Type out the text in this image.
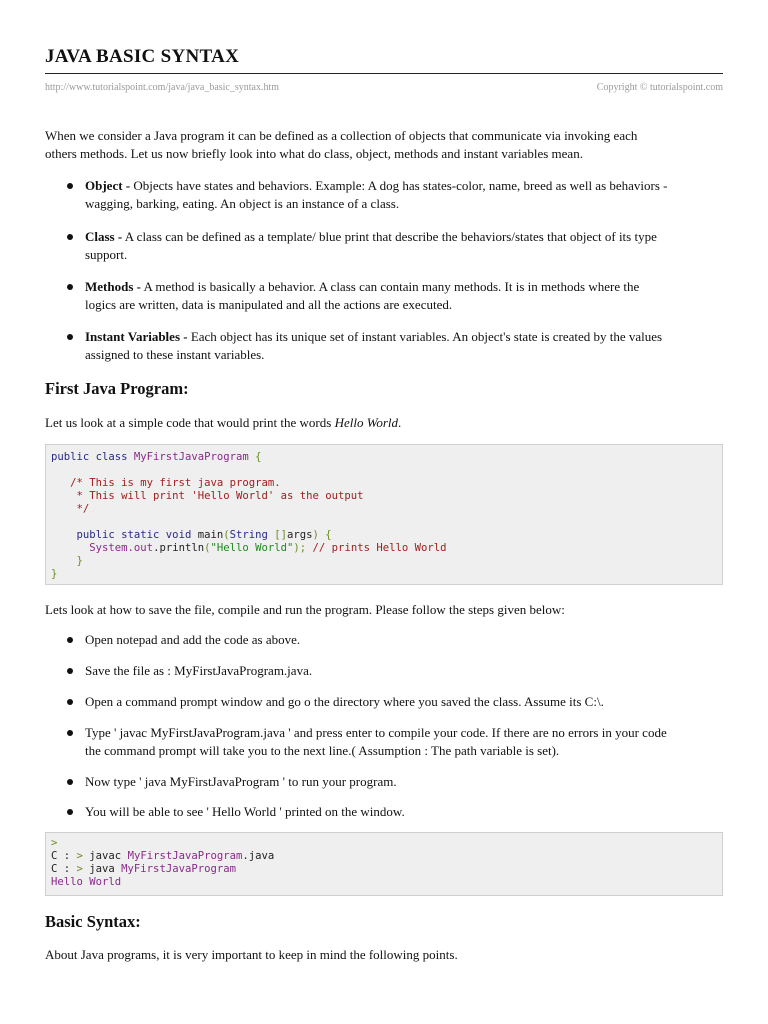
JAVA BASIC SYNTAX
http://www.tutorialspoint.com/java/java_basic_syntax.htm	Copyright © tutorialspoint.com

When we consider a Java program it can be defined as a collection of objects that communicate via invoking each
others methods. Let us now briefly look into what do class, object, methods and instant variables mean.

Object - Objects have states and behaviors. Example: A dog has states-color, name, breed as well as behaviors -
wagging, barking, eating. An object is an instance of a class.
Class - A class can be defined as a template/ blue print that describe the behaviors/states that object of its type
support.
Methods - A method is basically a behavior. A class can contain many methods. It is in methods where the
logics are written, data is manipulated and all the actions are executed.
Instant Variables - Each object has its unique set of instant variables. An object's state is created by the values
assigned to these instant variables.
First Java Program:

Let us look at a simple code that would print the words Hello World.

public class MyFirstJavaProgram {
/* This is my first java program.
* This will print 'Hello World' as the output
*/
public static void main(String []args) {
System.out.println("Hello World"); // prints Hello World
}
}

Lets look at how to save the file, compile and run the program. Please follow the steps given below:

Open notepad and add the code as above.
Save the file as : MyFirstJavaProgram.java.
Open a command prompt window and go o the directory where you saved the class. Assume its C:\.
Type ' javac MyFirstJavaProgram.java ' and press enter to compile your code. If there are no errors in your code
the command prompt will take you to the next line.( Assumption : The path variable is set).
Now type ' java MyFirstJavaProgram ' to run your program.
You will be able to see ' Hello World ' printed on the window.
>
C : > javac MyFirstJavaProgram.java
C : > java MyFirstJavaProgram
Hello World
Basic Syntax:

About Java programs, it is very important to keep in mind the following points.
